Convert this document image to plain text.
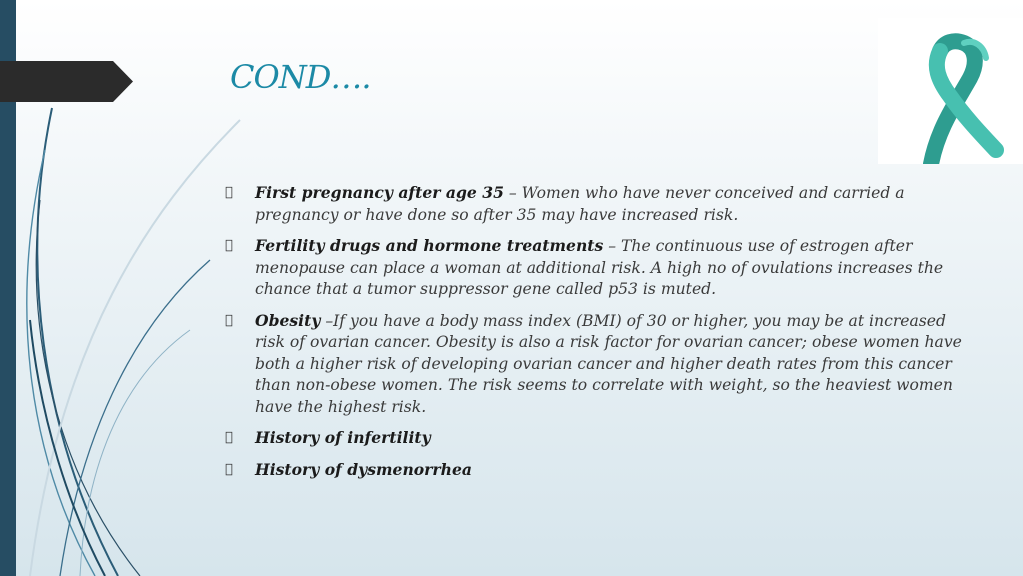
COND….
First pregnancy after age 35 – Women who have never conceived and carried a pregnancy or have done so after 35 may have increased risk.
Fertility drugs and hormone treatments – The continuous use of estrogen after menopause can place a woman at additional risk. A high no of ovulations increases the chance that a tumor suppressor gene called p53 is muted.
Obesity –If you have a body mass index (BMI) of 30 or higher, you may be at increased risk of ovarian cancer. Obesity is also a risk factor for ovarian cancer; obese women have both a higher risk of developing ovarian cancer and higher death rates from this cancer than non-obese women. The risk seems to correlate with weight, so the heaviest women have the highest risk.
History of infertility
History of dysmenorrhea
